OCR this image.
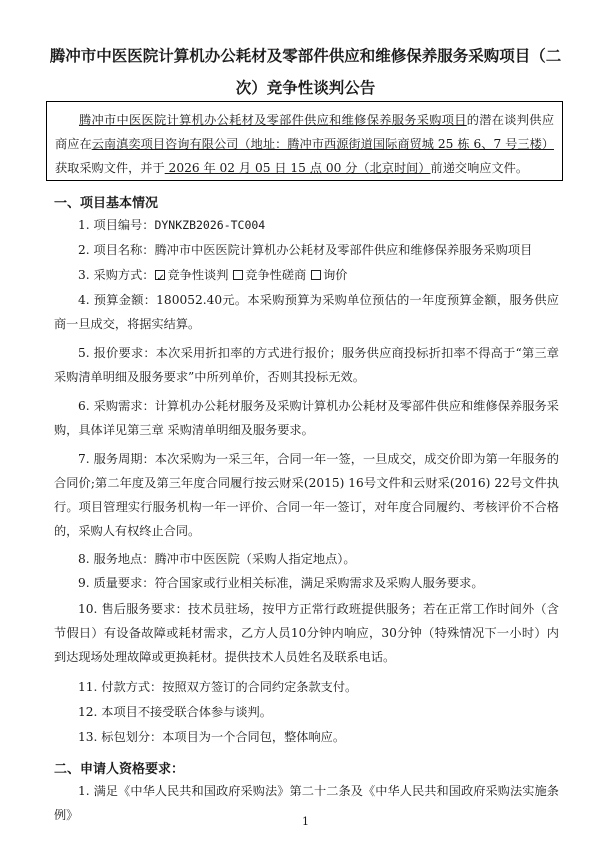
腾冲市中医医院计算机办公耗材及零部件供应和维修保养服务采购项目（二
次）竞争性谈判公告

腾冲市中医医院计算机办公耗材及零部件供应和维修保养服务采购项目的潜在谈判供应商应在云南滇奕项目咨询有限公司（地址：腾冲市西源街道国际商贸城 25 栋 6、7 号三楼）获取采购文件，并于 2026 年 02 月 05 日 15 点 00 分（北京时间）前递交响应文件。

一、项目基本情况

1. 项目编号：DYNKZB2026-TC004

2. 项目名称：腾冲市中医医院计算机办公耗材及零部件供应和维修保养服务采购项目

3. 采购方式：✓ 竞争性谈判 竞争性磋商 询价

4. 预算金额：180052.40元。本采购预算为采购单位预估的一年度预算金额，服务供应商一旦成交，将据实结算。

5. 报价要求：本次采用折扣率的方式进行报价；服务供应商投标折扣率不得高于“第三章 采购清单明细及服务要求”中所列单价，否则其投标无效。

6. 采购需求：计算机办公耗材服务及采购计算机办公耗材及零部件供应和维修保养服务采购，具体详见第三章 采购清单明细及服务要求。

7. 服务周期：本次采购为一采三年，合同一年一签，一旦成交，成交价即为第一年服务的合同价;第二年度及第三年度合同履行按云财采(2015) 16号文件和云财采(2016) 22号文件执行。项目管理实行服务机构一年一评价、合同一年一签订，对年度合同履约、考核评价不合格的，采购人有权终止合同。

8. 服务地点：腾冲市中医医院（采购人指定地点）。

9. 质量要求：符合国家或行业相关标准，满足采购需求及采购人服务要求。

10. 售后服务要求：技术员驻场，按甲方正常行政班提供服务；若在正常工作时间外（含节假日）有设备故障或耗材需求，乙方人员10分钟内响应，30分钟（特殊情况下一小时）内到达现场处理故障或更换耗材。提供技术人员姓名及联系电话。

11. 付款方式：按照双方签订的合同约定条款支付。

12. 本项目不接受联合体参与谈判。

13. 标包划分：本项目为一个合同包，整体响应。

二、申请人资格要求：

1. 满足《中华人民共和国政府采购法》第二十二条及《中华人民共和国政府采购法实施条例》	1
